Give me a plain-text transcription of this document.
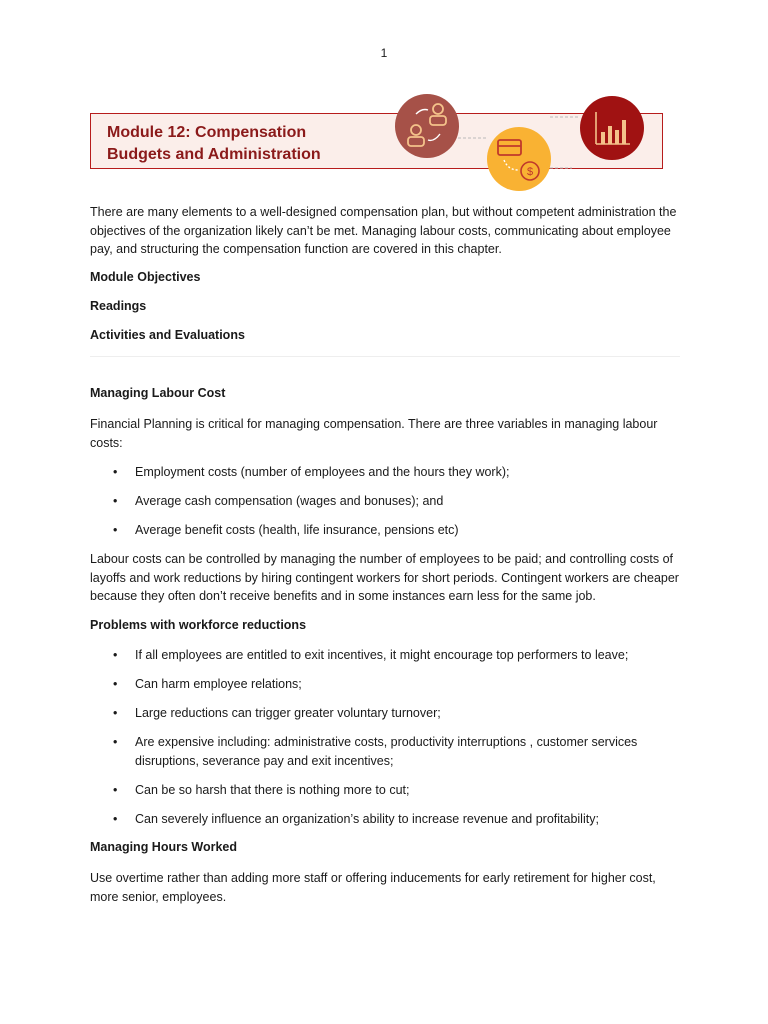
1
Module 12: Compensation
Budgets and Administration
$

There are many elements to a well-designed compensation plan, but without competent administration the objectives of the organization likely can’t be met. Managing labour costs, communicating about employee pay, and structuring the compensation function are covered in this chapter.

Module Objectives

Readings

Activities and Evaluations

Managing Labour Cost

Financial Planning is critical for managing compensation. There are three variables in managing labour costs:

• Employment costs (number of employees and the hours they work);
• Average cash compensation (wages and bonuses); and
• Average benefit costs (health, life insurance, pensions etc)

Labour costs can be controlled by managing the number of employees to be paid; and controlling costs of layoffs and work reductions by hiring contingent workers for short periods. Contingent workers are cheaper because they often don’t receive benefits and in some instances earn less for the same job.

Problems with workforce reductions

• If all employees are entitled to exit incentives, it might encourage top performers to leave;
• Can harm employee relations;
• Large reductions can trigger greater voluntary turnover;
• Are expensive including: administrative costs, productivity interruptions , customer services disruptions, severance pay and exit incentives;
• Can be so harsh that there is nothing more to cut;
• Can severely influence an organization’s ability to increase revenue and profitability;

Managing Hours Worked

Use overtime rather than adding more staff or offering inducements for early retirement for higher cost, more senior, employees.
